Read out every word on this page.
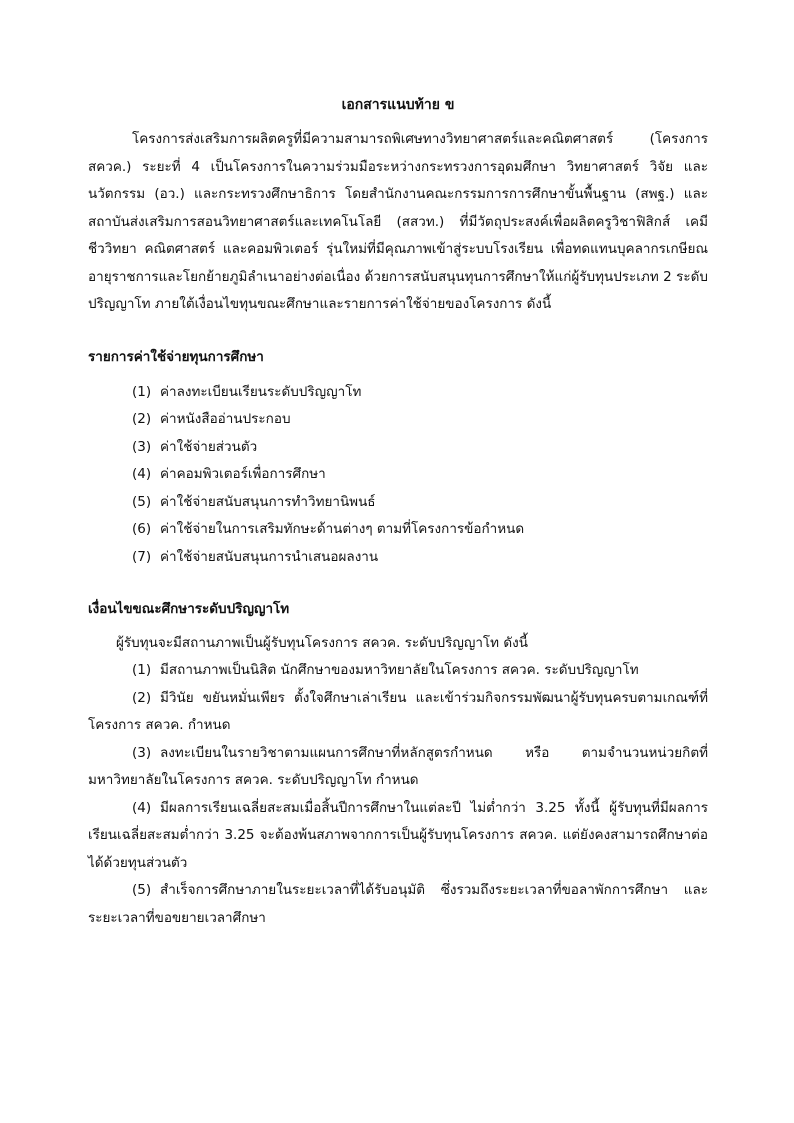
เอกสารแนบท้าย ข

โครงการส่งเสริมการผลิตครูที่มีความสามารถพิเศษทางวิทยาศาสตร์และคณิตศาสตร์ (โครงการ สควค.) ระยะที่ 4 เป็นโครงการในความร่วมมือระหว่างกระทรวงการอุดมศึกษา วิทยาศาสตร์ วิจัย และนวัตกรรม (อว.) และกระทรวงศึกษาธิการ โดยสำนักงานคณะกรรมการการศึกษาขั้นพื้นฐาน (สพฐ.) และสถาบันส่งเสริมการสอนวิทยาศาสตร์และเทคโนโลยี (สสวท.) ที่มีวัตถุประสงค์เพื่อผลิตครูวิชาฟิสิกส์ เคมี ชีววิทยา คณิตศาสตร์ และคอมพิวเตอร์ รุ่นใหม่ที่มีคุณภาพเข้าสู่ระบบโรงเรียน เพื่อทดแทนบุคลากรเกษียณอายุราชการและโยกย้ายภูมิลำเนาอย่างต่อเนื่อง ด้วยการสนับสนุนทุนการศึกษาให้แก่ผู้รับทุนประเภท 2 ระดับปริญญาโท ภายใต้เงื่อนไขทุนขณะศึกษาและรายการค่าใช้จ่ายของโครงการ ดังนี้

รายการค่าใช้จ่ายทุนการศึกษา
(1) ค่าลงทะเบียนเรียนระดับปริญญาโท
(2) ค่าหนังสืออ่านประกอบ
(3) ค่าใช้จ่ายส่วนตัว
(4) ค่าคอมพิวเตอร์เพื่อการศึกษา
(5) ค่าใช้จ่ายสนับสนุนการทำวิทยานิพนธ์
(6) ค่าใช้จ่ายในการเสริมทักษะด้านต่างๆ ตามที่โครงการข้อกำหนด
(7) ค่าใช้จ่ายสนับสนุนการนำเสนอผลงาน
เงื่อนไขขณะศึกษาระดับปริญญาโท

ผู้รับทุนจะมีสถานภาพเป็นผู้รับทุนโครงการ สควค. ระดับปริญญาโท ดังนี้

(1) มีสถานภาพเป็นนิสิต นักศึกษาของมหาวิทยาลัยในโครงการ สควค. ระดับปริญญาโท

(2) มีวินัย ขยันหมั่นเพียร ตั้งใจศึกษาเล่าเรียน และเข้าร่วมกิจกรรมพัฒนาผู้รับทุนครบตามเกณฑ์ที่โครงการ สควค. กำหนด

(3) ลงทะเบียนในรายวิชาตามแผนการศึกษาที่หลักสูตรกำหนด หรือ ตามจำนวนหน่วยกิตที่มหาวิทยาลัยในโครงการ สควค. ระดับปริญญาโท กำหนด

(4) มีผลการเรียนเฉลี่ยสะสมเมื่อสิ้นปีการศึกษาในแต่ละปี ไม่ต่ำกว่า 3.25 ทั้งนี้ ผู้รับทุนที่มีผลการเรียนเฉลี่ยสะสมต่ำกว่า 3.25 จะต้องพ้นสภาพจากการเป็นผู้รับทุนโครงการ สควค. แต่ยังคงสามารถศึกษาต่อได้ด้วยทุนส่วนตัว

(5) สำเร็จการศึกษาภายในระยะเวลาที่ได้รับอนุมัติ ซึ่งรวมถึงระยะเวลาที่ขอลาพักการศึกษา และระยะเวลาที่ขอขยายเวลาศึกษา
